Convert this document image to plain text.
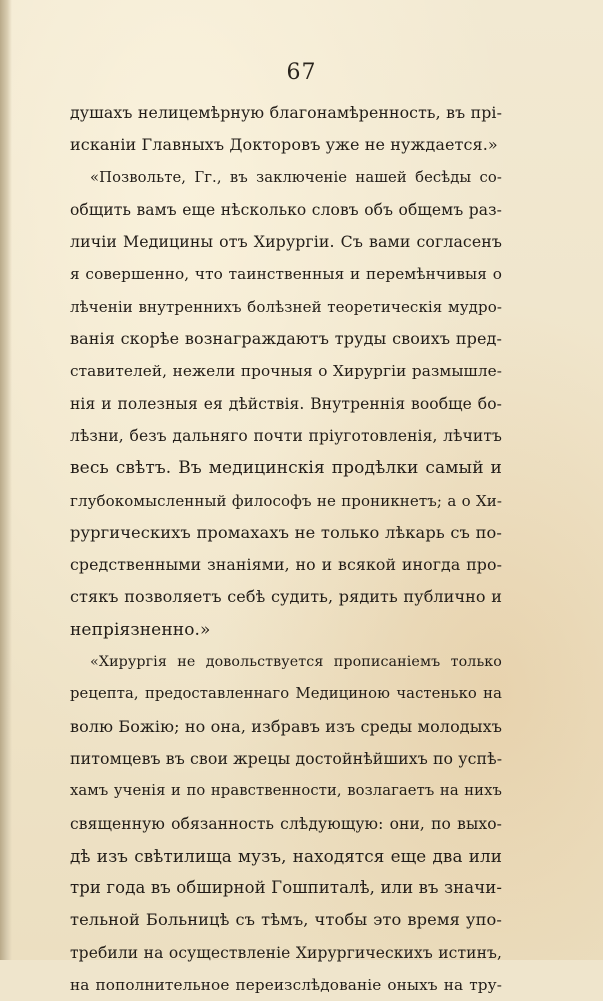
67
душахъ нелицемѣрную благонамѣренность, въ прі-
исканіи Главныхъ Докторовъ уже не нуждается.»
«Позвольте, Гг., въ заключеніе нашей бесѣды со-
общить вамъ еще нѣсколько словъ объ общемъ раз-
личіи Медицины отъ Хирургіи. Съ вами согласенъ
я совершенно, что таинственныя и перемѣнчивыя о
лѣченіи внутреннихъ болѣзней теоретическія мудро-
ванія скорѣе вознаграждаютъ труды своихъ пред-
ставителей, нежели прочныя о Хирургіи размышле-
нія и полезныя ея дѣйствія. Внутреннія вообще бо-
лѣзни, безъ дальняго почти пріуготовленія, лѣчитъ
весь свѣтъ. Въ медицинскія продѣлки самый и
глубокомысленный философъ не проникнетъ; а о Хи-
рургическихъ промахахъ не только лѣкарь съ по-
средственными знаніями, но и всякой иногда про-
стякъ позволяетъ себѣ судить, рядить публично и
непріязненно.»
«Хирургія не довольствуется прописаніемъ только
рецепта, предоставленнаго Медициною частенько на
волю Божію; но она, избравъ изъ среды молодыхъ
питомцевъ въ свои жрецы достойнѣйшихъ по успѣ-
хамъ ученія и по нравственности, возлагаетъ на нихъ
священную обязанность слѣдующую: они, по выхо-
дѣ изъ свѣтилища музъ, находятся еще два или
три года въ обширной Гошпиталѣ, или въ значи-
тельной Больницѣ съ тѣмъ, чтобы это время упо-
требили на осуществленіе Хирургическихъ истинъ,
на пополнительное переизслѣдованіе оныхъ на тру-
